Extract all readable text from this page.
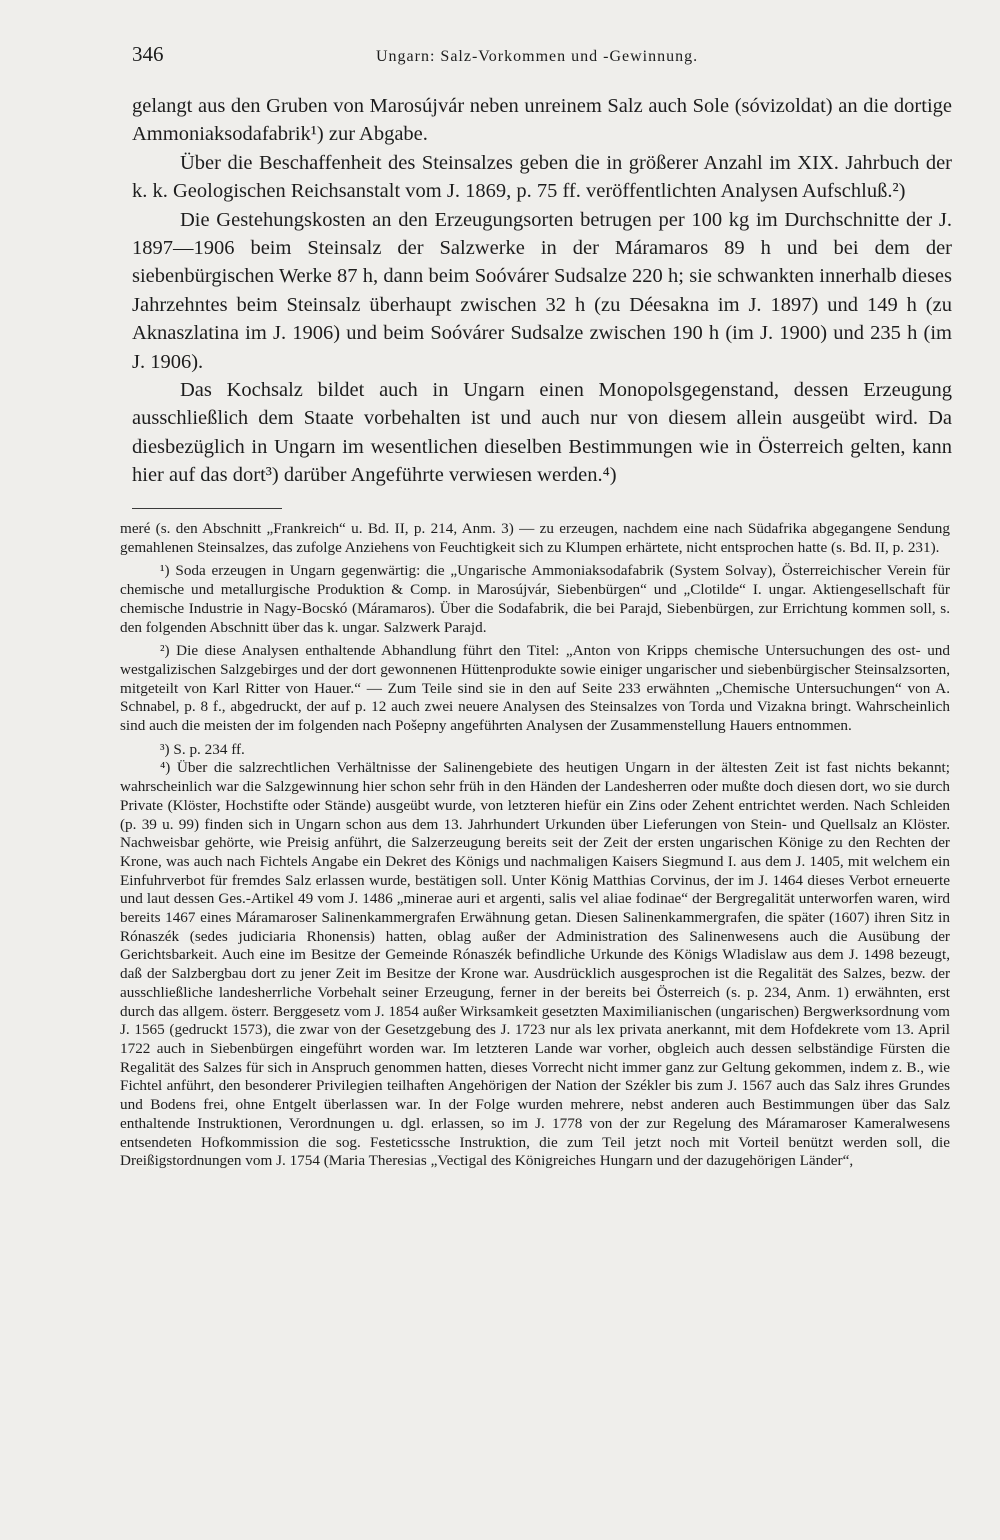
346	Ungarn: Salz-Vorkommen und -Gewinnung.

gelangt aus den Gruben von Marosújvár neben unreinem Salz auch Sole (sóvizoldat) an die dortige Ammoniaksodafabrik¹) zur Abgabe.

Über die Beschaffenheit des Steinsalzes geben die in größerer Anzahl im XIX. Jahrbuch der k. k. Geologischen Reichsanstalt vom J. 1869, p. 75 ff. veröffentlichten Analysen Aufschluß.²)

Die Gestehungskosten an den Erzeugungsorten betrugen per 100 kg im Durchschnitte der J. 1897—1906 beim Steinsalz der Salzwerke in der Máramaros 89 h und bei dem der siebenbürgischen Werke 87 h, dann beim Soóvárer Sudsalze 220 h; sie schwankten innerhalb dieses Jahrzehntes beim Steinsalz überhaupt zwischen 32 h (zu Déesakna im J. 1897) und 149 h (zu Aknaszlatina im J. 1906) und beim Soóvárer Sudsalze zwischen 190 h (im J. 1900) und 235 h (im J. 1906).

Das Kochsalz bildet auch in Ungarn einen Monopolsgegenstand, dessen Erzeugung ausschließlich dem Staate vorbehalten ist und auch nur von diesem allein ausgeübt wird. Da diesbezüglich in Ungarn im wesentlichen dieselben Bestimmungen wie in Österreich gelten, kann hier auf das dort³) darüber Angeführte verwiesen werden.⁴)

meré (s. den Abschnitt „Frankreich“ u. Bd. II, p. 214, Anm. 3) — zu erzeugen, nachdem eine nach Südafrika abgegangene Sendung gemahlenen Steinsalzes, das zufolge Anziehens von Feuchtigkeit sich zu Klumpen erhärtete, nicht entsprochen hatte (s. Bd. II, p. 231).

¹) Soda erzeugen in Ungarn gegenwärtig: die „Ungarische Ammoniaksodafabrik (System Solvay), Österreichischer Verein für chemische und metallurgische Produktion & Comp. in Marosújvár, Siebenbürgen“ und „Clotilde“ I. ungar. Aktiengesellschaft für chemische Industrie in Nagy-Bocskó (Máramaros). Über die Sodafabrik, die bei Parajd, Siebenbürgen, zur Errichtung kommen soll, s. den folgenden Abschnitt über das k. ungar. Salzwerk Parajd.

²) Die diese Analysen enthaltende Abhandlung führt den Titel: „Anton von Kripps chemische Untersuchungen des ost- und westgalizischen Salzgebirges und der dort gewonnenen Hüttenprodukte sowie einiger ungarischer und siebenbürgischer Steinsalzsorten, mitgeteilt von Karl Ritter von Hauer.“ — Zum Teile sind sie in den auf Seite 233 erwähnten „Chemische Untersuchungen“ von A. Schnabel, p. 8 f., abgedruckt, der auf p. 12 auch zwei neuere Analysen des Steinsalzes von Torda und Vizakna bringt. Wahrscheinlich sind auch die meisten der im folgenden nach Pošepny angeführten Analysen der Zusammenstellung Hauers entnommen.

³) S. p. 234 ff.

⁴) Über die salzrechtlichen Verhältnisse der Salinengebiete des heutigen Ungarn in der ältesten Zeit ist fast nichts bekannt; wahrscheinlich war die Salzgewinnung hier schon sehr früh in den Händen der Landesherren oder mußte doch diesen dort, wo sie durch Private (Klöster, Hochstifte oder Stände) ausgeübt wurde, von letzteren hiefür ein Zins oder Zehent entrichtet werden. Nach Schleiden (p. 39 u. 99) finden sich in Ungarn schon aus dem 13. Jahrhundert Urkunden über Lieferungen von Stein- und Quellsalz an Klöster. Nachweisbar gehörte, wie Preisig anführt, die Salzerzeugung bereits seit der Zeit der ersten ungarischen Könige zu den Rechten der Krone, was auch nach Fichtels Angabe ein Dekret des Königs und nachmaligen Kaisers Siegmund I. aus dem J. 1405, mit welchem ein Einfuhrverbot für fremdes Salz erlassen wurde, bestätigen soll. Unter König Matthias Corvinus, der im J. 1464 dieses Verbot erneuerte und laut dessen Ges.-Artikel 49 vom J. 1486 „minerae auri et argenti, salis vel aliae fodinae“ der Bergregalität unterworfen waren, wird bereits 1467 eines Máramaroser Salinenkammergrafen Erwähnung getan. Diesen Salinenkammergrafen, die später (1607) ihren Sitz in Rónaszék (sedes judiciaria Rhonensis) hatten, oblag außer der Administration des Salinenwesens auch die Ausübung der Gerichtsbarkeit. Auch eine im Besitze der Gemeinde Rónaszék befindliche Urkunde des Königs Wladislaw aus dem J. 1498 bezeugt, daß der Salzbergbau dort zu jener Zeit im Besitze der Krone war. Ausdrücklich ausgesprochen ist die Regalität des Salzes, bezw. der ausschließliche landesherrliche Vorbehalt seiner Erzeugung, ferner in der bereits bei Österreich (s. p. 234, Anm. 1) erwähnten, erst durch das allgem. österr. Berggesetz vom J. 1854 außer Wirksamkeit gesetzten Maximilianischen (ungarischen) Bergwerksordnung vom J. 1565 (gedruckt 1573), die zwar von der Gesetzgebung des J. 1723 nur als lex privata anerkannt, mit dem Hofdekrete vom 13. April 1722 auch in Siebenbürgen eingeführt worden war. Im letzteren Lande war vorher, obgleich auch dessen selbständige Fürsten die Regalität des Salzes für sich in Anspruch genommen hatten, dieses Vorrecht nicht immer ganz zur Geltung gekommen, indem z. B., wie Fichtel anführt, den besonderer Privilegien teilhaften Angehörigen der Nation der Székler bis zum J. 1567 auch das Salz ihres Grundes und Bodens frei, ohne Entgelt überlassen war. In der Folge wurden mehrere, nebst anderen auch Bestimmungen über das Salz enthaltende Instruktionen, Verordnungen u. dgl. erlassen, so im J. 1778 von der zur Regelung des Máramaroser Kameralwesens entsendeten Hofkommission die sog. Festeticssche Instruktion, die zum Teil jetzt noch mit Vorteil benützt werden soll, die Dreißigstordnungen vom J. 1754 (Maria Theresias „Vectigal des Königreiches Hungarn und der dazugehörigen Länder“,
